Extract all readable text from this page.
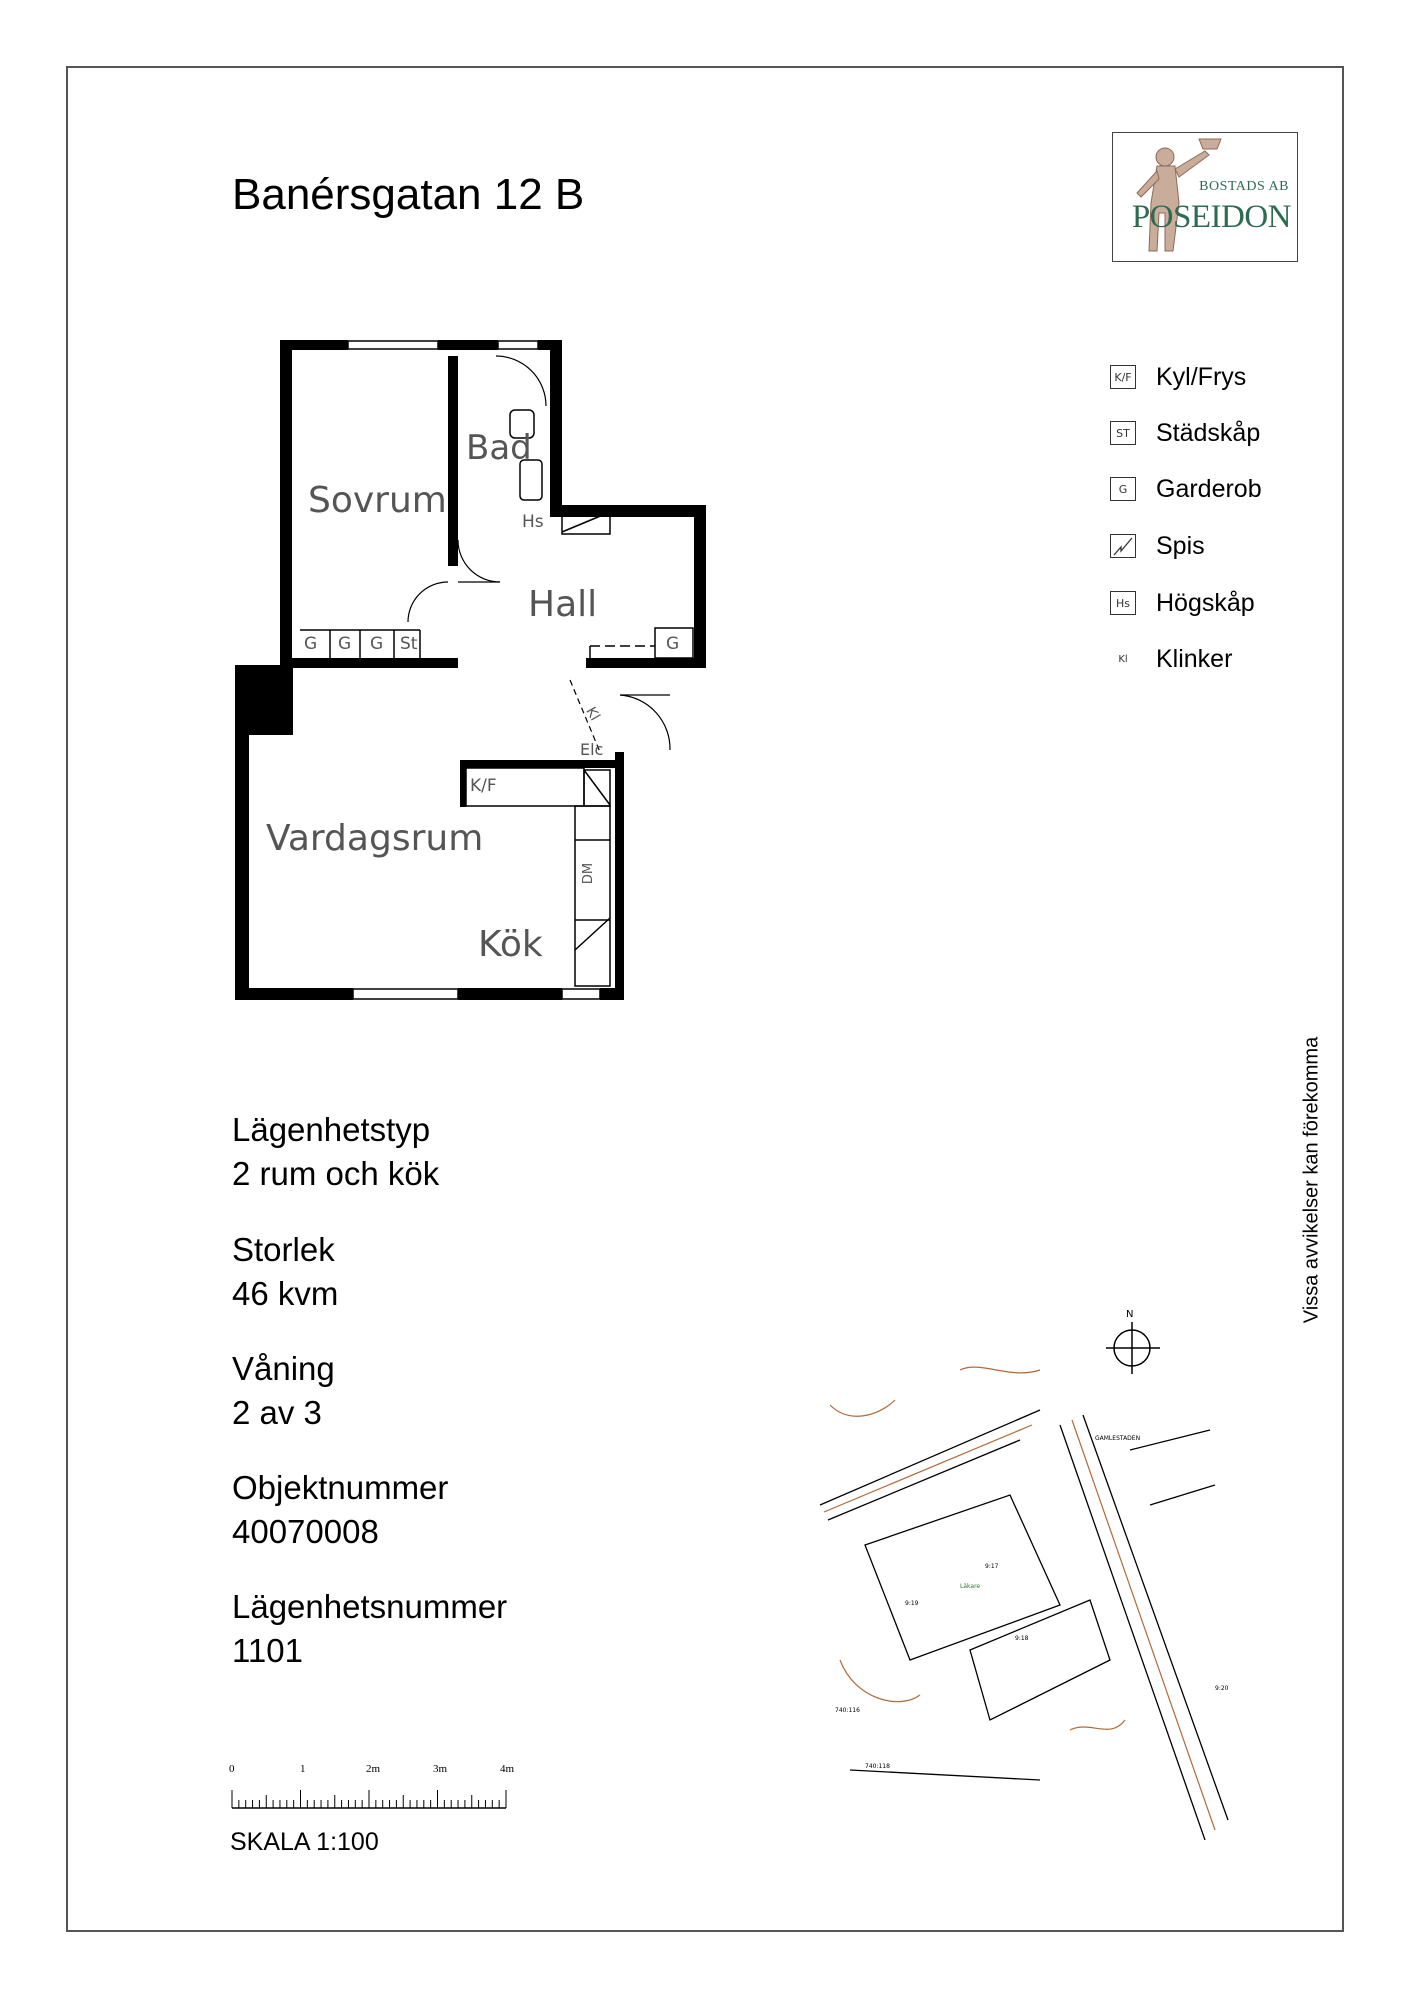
Banérsgatan 12 B	BOSTADS AB
POSEIDON
K/F Kyl/Frys
ST Städskåp
G	Garderob
Spis
Hs Högskåp
Kl	Klinker
Sovrum
Bad
Hall
Vardagsrum
Kök
G G G St	G
Hs
K/F
Elc
Kl
DM
Lägenhetstyp
2 rum och kök
Storlek
46 kvm
Våning
2 av 3
Objektnummer
40070008
Lägenhetsnummer
1101
0	1	2m	3m	4m
SKALA 1:100
Vissa avvikelser kan förekomma
N
GAMLESTADEN
9:19
9:18
9:20
740:116
740:118
Läkare
9:17
